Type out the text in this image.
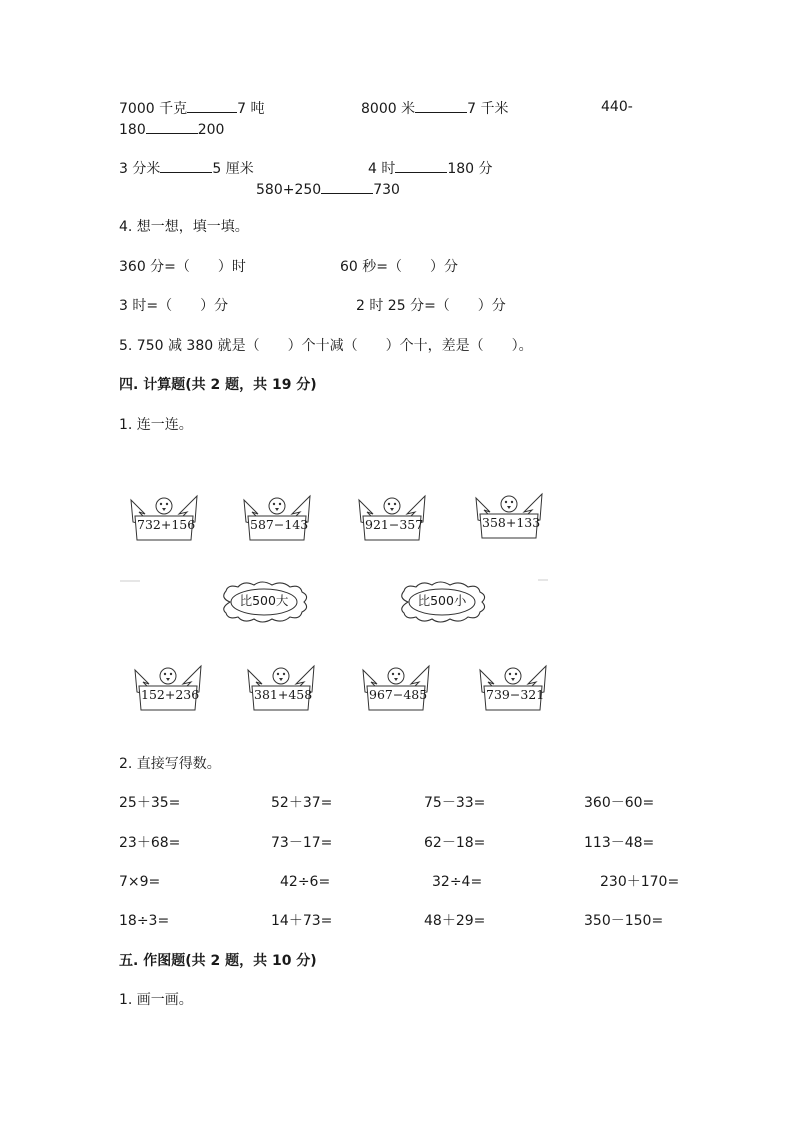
7000 千克	7 吨	8000 米	7 千米	440-
180	200
3 分米	5 厘米	4 时	180 分
580+250	730
4. 想一想，填一填。
360 分=（　　）时	60 秒=（　　）分
3 时=（　　）分	2 时 25 分=（　　）分
5. 750 减 380 就是（　　）个十减（　　）个十，差是（　　）。
四. 计算题(共 2 题，共 19 分)
1. 连一连。
732+156	587−143	921−357	358+133
比500大	比500小
152+236	381+458	967−485	739−321
2. 直接写得数。
25＋35=	52＋37=	75－33=	360－60=
23＋68=	73－17=	62－18=	113－48=
7×9=	42÷6=	32÷4=	230＋170=
18÷3=	14＋73=	48＋29=	350－150=
五. 作图题(共 2 题，共 10 分)
1. 画一画。
